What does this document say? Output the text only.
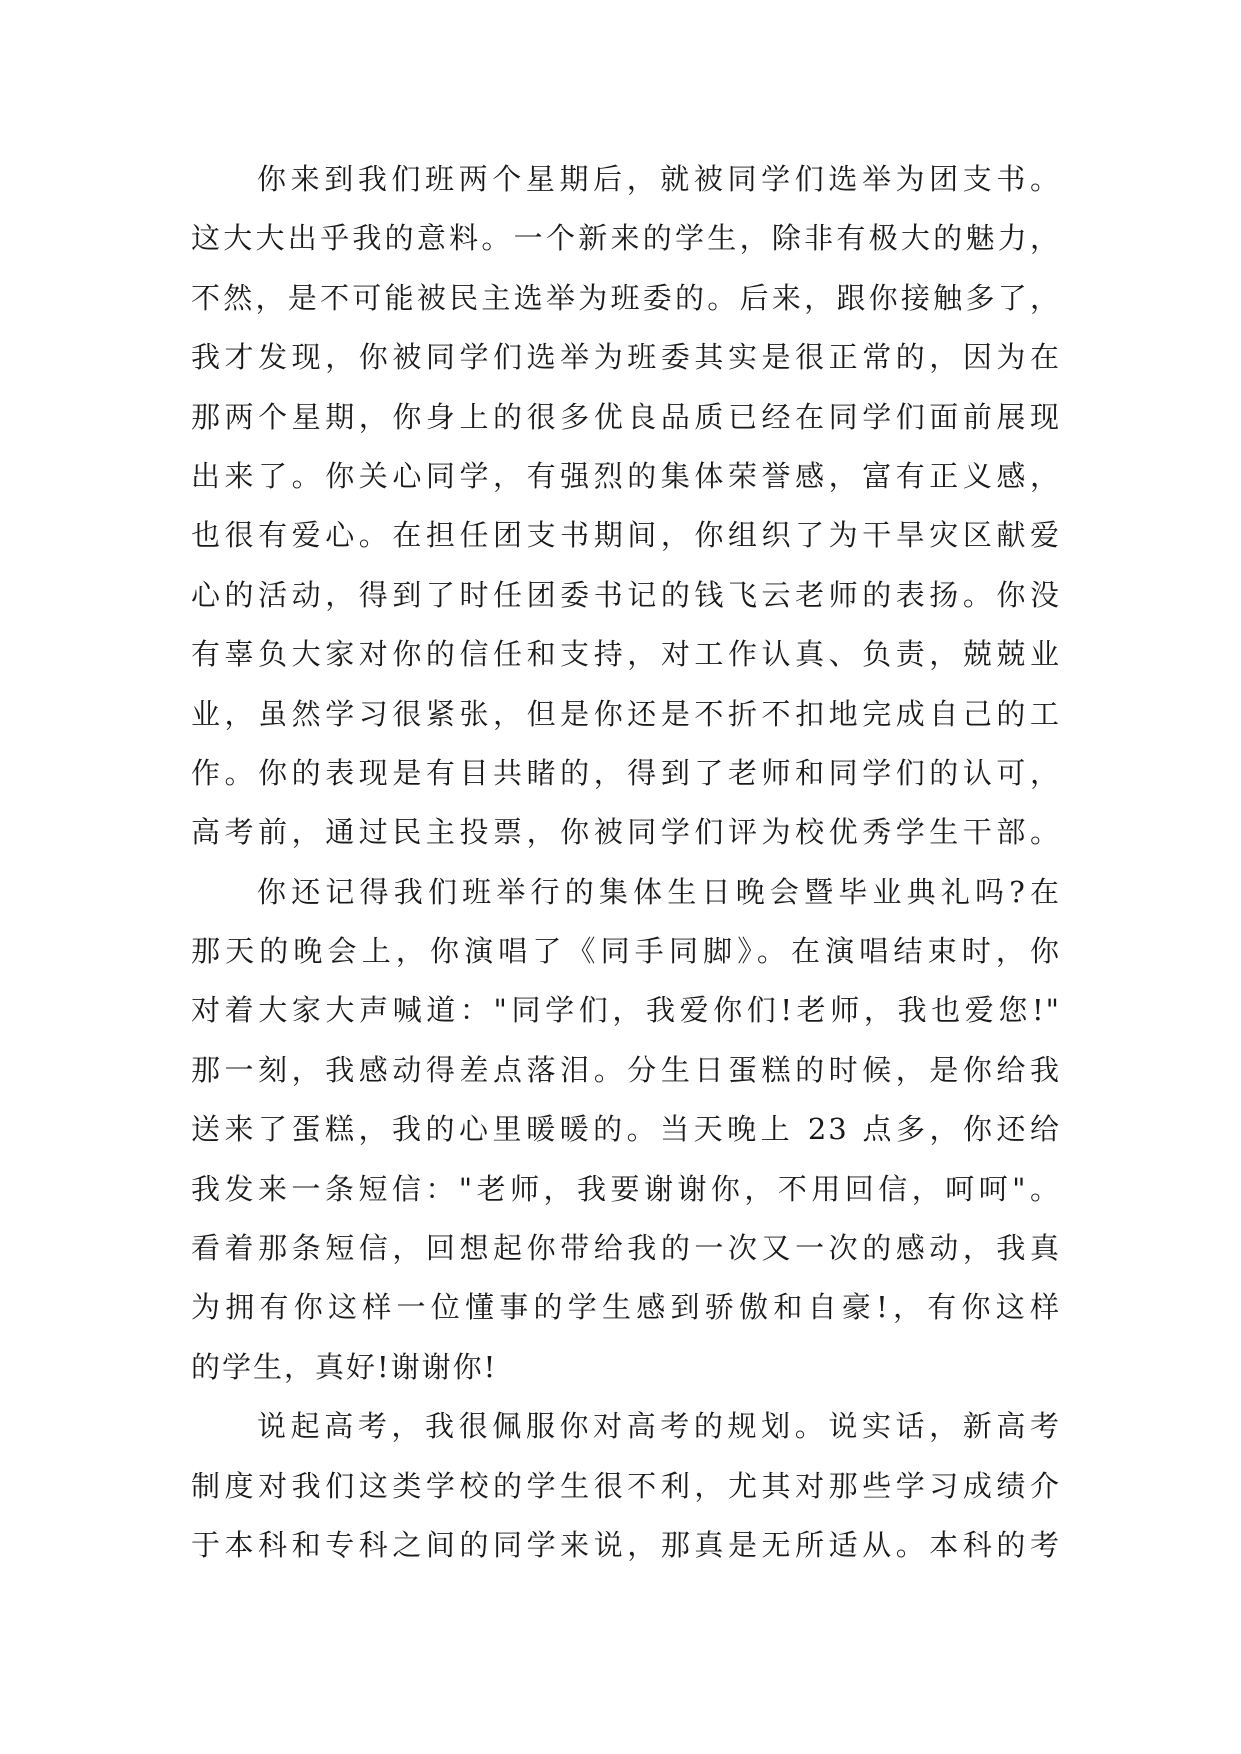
你来到我们班两个星期后，就被同学们选举为团支书。
这大大出乎我的意料。一个新来的学生，除非有极大的魅力，
不然，是不可能被民主选举为班委的。后来，跟你接触多了，
我才发现，你被同学们选举为班委其实是很正常的，因为在
那两个星期，你身上的很多优良品质已经在同学们面前展现
出来了。你关心同学，有强烈的集体荣誉感，富有正义感，
也很有爱心。在担任团支书期间，你组织了为干旱灾区献爱
心的活动，得到了时任团委书记的钱飞云老师的表扬。你没
有辜负大家对你的信任和支持，对工作认真、负责，兢兢业
业，虽然学习很紧张，但是你还是不折不扣地完成自己的工
作。你的表现是有目共睹的，得到了老师和同学们的认可，
高考前，通过民主投票，你被同学们评为校优秀学生干部。
你还记得我们班举行的集体生日晚会暨毕业典礼吗?在
那天的晚会上，你演唱了《同手同脚》。在演唱结束时，你
对着大家大声喊道："同学们，我爱你们!老师，我也爱您!"
那一刻，我感动得差点落泪。分生日蛋糕的时候，是你给我
送来了蛋糕，我的心里暖暖的。当天晚上 23 点多，你还给
我发来一条短信："老师，我要谢谢你，不用回信，呵呵"。
看着那条短信，回想起你带给我的一次又一次的感动，我真
为拥有你这样一位懂事的学生感到骄傲和自豪!，有你这样
的学生，真好!谢谢你!
说起高考，我很佩服你对高考的规划。说实话，新高考
制度对我们这类学校的学生很不利，尤其对那些学习成绩介
于本科和专科之间的同学来说，那真是无所适从。本科的考
